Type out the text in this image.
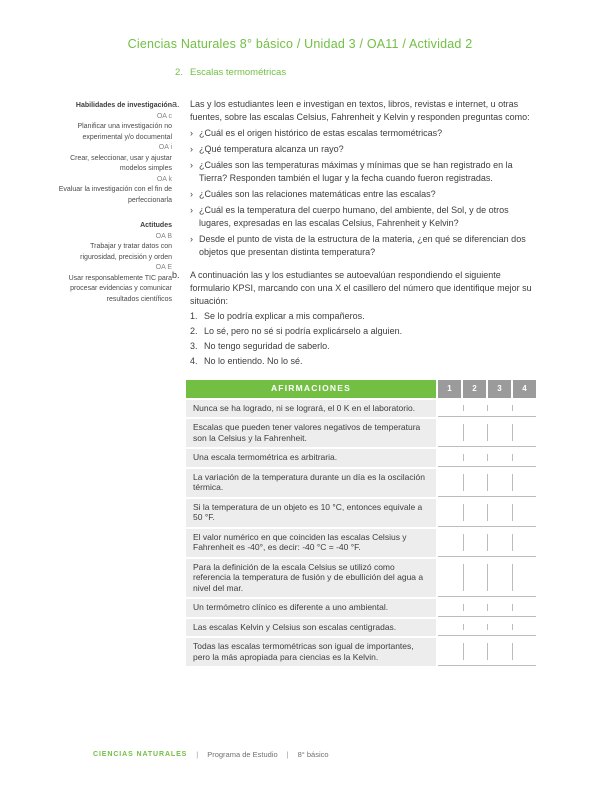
Ciencias Naturales 8° básico / Unidad 3 / OA11 / Actividad 2
2. Escalas termométricas
Habilidades de investigación
OA c
Planificar una investigación no experimental y/o documental
OA i
Crear, seleccionar, usar y ajustar modelos simples
OA k
Evaluar la investigación con el fin de perfeccionarla
Actitudes
OA B
Trabajar y tratar datos con rigurosidad, precisión y orden
OA E
Usar responsablemente TIC para procesar evidencias y comunicar resultados científicos
a.	Las y los estudiantes leen e investigan en textos, libros, revistas e internet, u otras fuentes, sobre las escalas Celsius, Fahrenheit y Kelvin y responden preguntas como:

› ¿Cuál es el origen histórico de estas escalas termométricas?
› ¿Qué temperatura alcanza un rayo?
› ¿Cuáles son las temperaturas máximas y mínimas que se han registrado en la Tierra? Responden también el lugar y la fecha cuando fueron registradas.
› ¿Cuáles son las relaciones matemáticas entre las escalas?
› ¿Cuál es la temperatura del cuerpo humano, del ambiente, del Sol, y de otros lugares, expresadas en las escalas Celsius, Fahrenheit y Kelvin?
› Desde el punto de vista de la estructura de la materia, ¿en qué se diferencian dos objetos que presentan distinta temperatura?
b.	A continuación las y los estudiantes se autoevalúan respondiendo el siguiente formulario KPSI, marcando con una X el casillero del número que identifique mejor su situación:

1. Se lo podría explicar a mis compañeros.
2. Lo sé, pero no sé si podría explicárselo a alguien.
3. No tengo seguridad de saberlo.
4. No lo entiendo. No lo sé.
AFIRMACIONES	1	2	3	4
Nunca se ha logrado, ni se logrará, el 0 K en el laboratorio.
Escalas que pueden tener valores negativos de temperatura son la Celsius y la Fahrenheit.
Una escala termométrica es arbitraria.
La variación de la temperatura durante un día es la oscilación térmica.
Si la temperatura de un objeto es 10 °C, entonces equivale a 50 °F.
El valor numérico en que coinciden las escalas Celsius y Fahrenheit es -40°, es decir: -40 °C = -40 °F.
Para la definición de la escala Celsius se utilizó como referencia la temperatura de fusión y de ebullición del agua a nivel del mar.
Un termómetro clínico es diferente a uno ambiental.
Las escalas Kelvin y Celsius son escalas centigradas.
Todas las escalas termométricas son igual de importantes, pero la más apropiada para ciencias es la Kelvin.
CIENCIAS NATURALES | Programa de Estudio | 8° básico
